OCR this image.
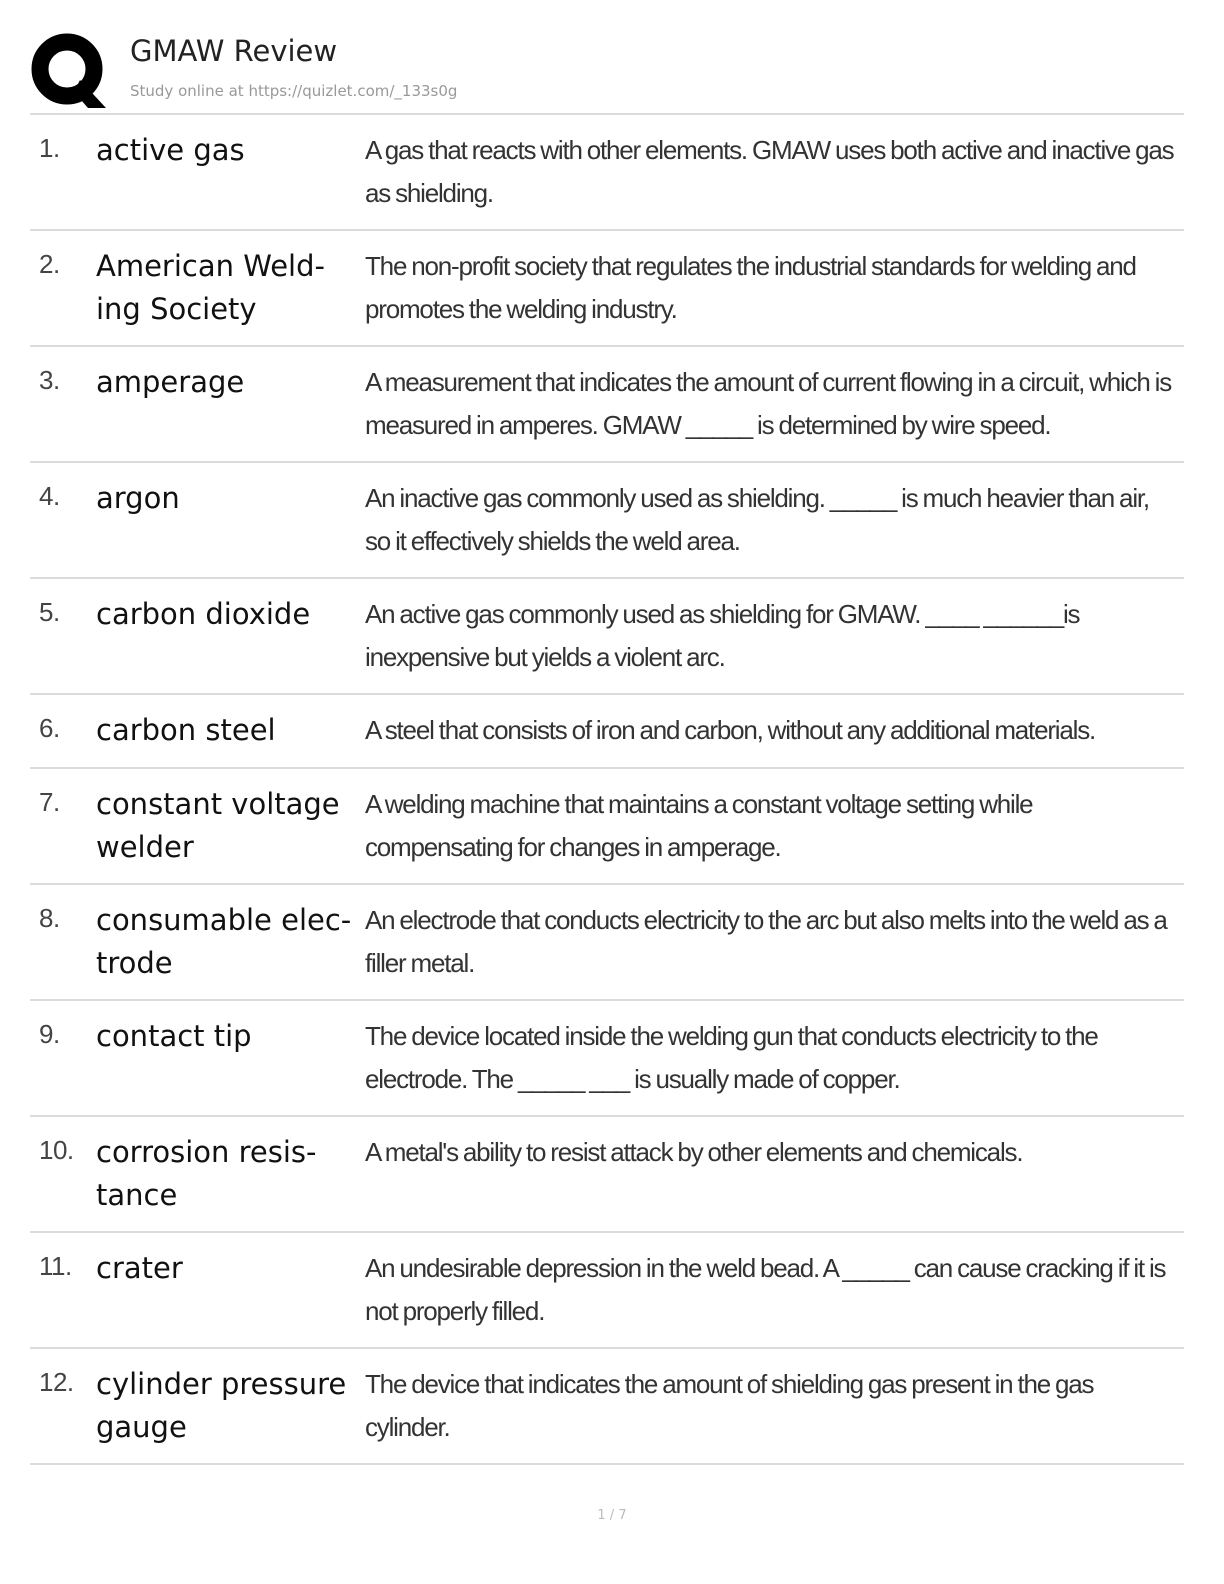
GMAW Review
Study online at https://quizlet.com/_133s0g
1. active gas	A gas that reacts with other elements. GMAW uses both active and inactive gas as shielding.
2. American Weld-ing Society
The non-profit society that regulates the industrial standards for welding and promotes the welding industry.
3. amperage	A measurement that indicates the amount of current flowing in a circuit, which is measured in amperes. GMAW _____ is determined by wire speed.
4. argon	An inactive gas commonly used as shielding. _____ is much heavier than air, so it effectively shields the weld area.
5. carbon dioxide	An active gas commonly used as shielding for GMAW. ____ ______is inexpensive but yields a violent arc.
6. carbon steel	A steel that consists of iron and carbon, without any additional materials.
7. constant voltage welder
A welding machine that maintains a constant voltage setting while compensating for changes in amperage.
8. consumable elec-trode
An electrode that conducts electricity to the arc but also melts into the weld as a filler metal.
9. contact tip	The device located inside the welding gun that conducts electricity to the electrode. The _____ ___ is usually made of copper.
10. corrosion resis-tance
A metal's ability to resist attack by other elements and chemicals.
11. crater	An undesirable depression in the weld bead. A _____ can cause cracking if it is not properly filled.
12. cylinder pressure gauge
The device that indicates the amount of shielding gas present in the gas cylinder.
1 / 7
